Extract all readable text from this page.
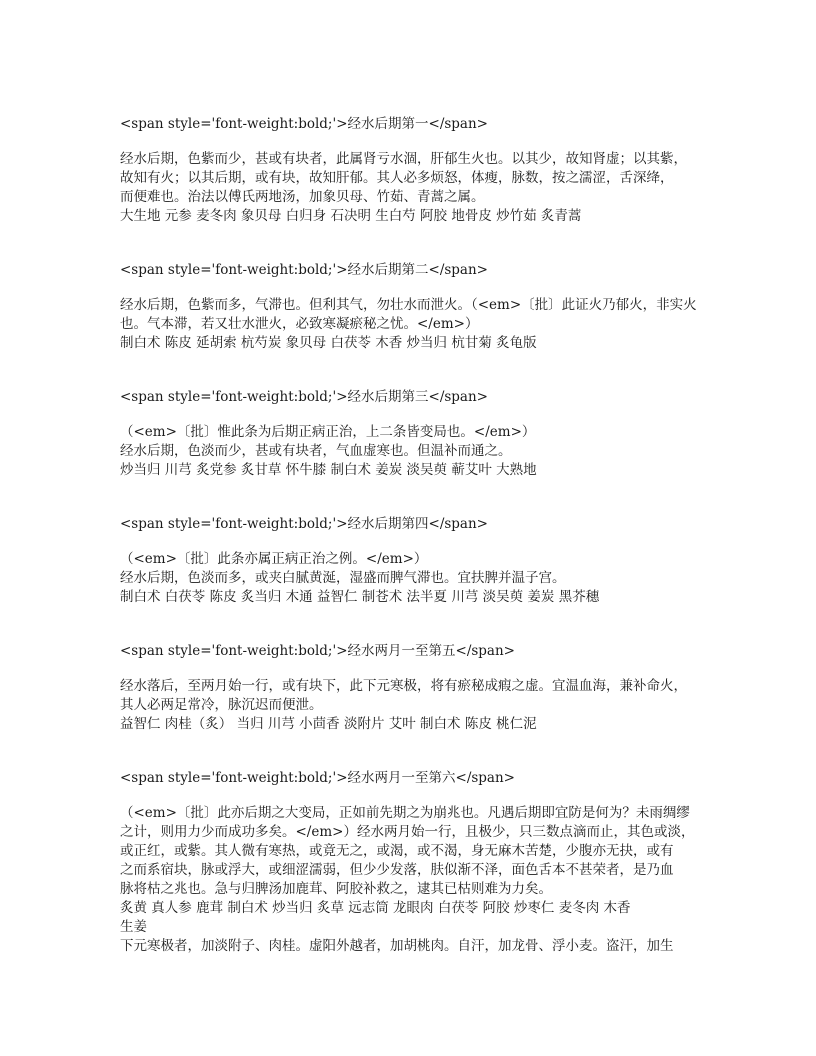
<span style='font-weight:bold;'>经水后期第一</span>
经水后期，色紫而少，甚或有块者，此属肾亏水涸，肝郁生火也。以其少，故知肾虚；以其紫，
故知有火；以其后期，或有块，故知肝郁。其人必多烦怒，体瘦，脉数，按之濡涩，舌深绛，
而便难也。治法以傅氏两地汤，加象贝母、竹茹、青蒿之属。
大生地 元参 麦冬肉 象贝母 白归身 石决明 生白芍 阿胶 地骨皮 炒竹茹 炙青蒿
<span style='font-weight:bold;'>经水后期第二</span>
经水后期，色紫而多，气滞也。但利其气，勿壮水而泄火。（<em>〔批〕此证火乃郁火，非实火
也。气本滞，若又壮水泄火，必致寒凝瘀秘之忧。</em>）
制白术 陈皮 延胡索 杭芍炭 象贝母 白茯苓 木香 炒当归 杭甘菊 炙龟版
<span style='font-weight:bold;'>经水后期第三</span>
（<em>〔批〕惟此条为后期正病正治，上二条皆变局也。</em>）
经水后期，色淡而少，甚或有块者，气血虚寒也。但温补而通之。
炒当归 川芎 炙党参 炙甘草 怀牛膝 制白术 姜炭 淡吴萸 蕲艾叶 大熟地
<span style='font-weight:bold;'>经水后期第四</span>
（<em>〔批〕此条亦属正病正治之例。</em>）
经水后期，色淡而多，或夹白腻黄涎，湿盛而脾气滞也。宜扶脾并温子宫。
制白术 白茯苓 陈皮 炙当归 木通 益智仁 制苍术 法半夏 川芎 淡吴萸 姜炭 黑芥穗
<span style='font-weight:bold;'>经水两月一至第五</span>
经水落后，至两月始一行，或有块下，此下元寒极，将有瘀秘成瘕之虚。宜温血海，兼补命火，
其人必两足常冷，脉沉迟而便泄。
益智仁 肉桂（炙） 当归 川芎 小茴香 淡附片 艾叶 制白术 陈皮 桃仁泥
<span style='font-weight:bold;'>经水两月一至第六</span>
（<em>〔批〕此亦后期之大变局，正如前先期之为崩兆也。凡遇后期即宜防是何为？未雨绸缪
之计，则用力少而成功多矣。</em>）经水两月始一行，且极少，只三数点滴而止，其色或淡，
或正红，或紫。其人微有寒热，或竟无之，或渴，或不渴，身无麻木苦楚，少腹亦无抉，或有
之而系宿块，脉或浮大，或细涩濡弱，但少少发落，肤似渐不泽，面色舌本不甚荣者，是乃血
脉将枯之兆也。急与归脾汤加鹿茸、阿胶补救之，逮其已枯则难为力矣。
炙黄 真人参 鹿茸 制白术 炒当归 炙草 远志筒 龙眼肉 白茯苓 阿胶 炒枣仁 麦冬肉 木香
生姜
下元寒极者，加淡附子、肉桂。虚阳外越者，加胡桃肉。自汗，加龙骨、浮小麦。盗汗，加生
